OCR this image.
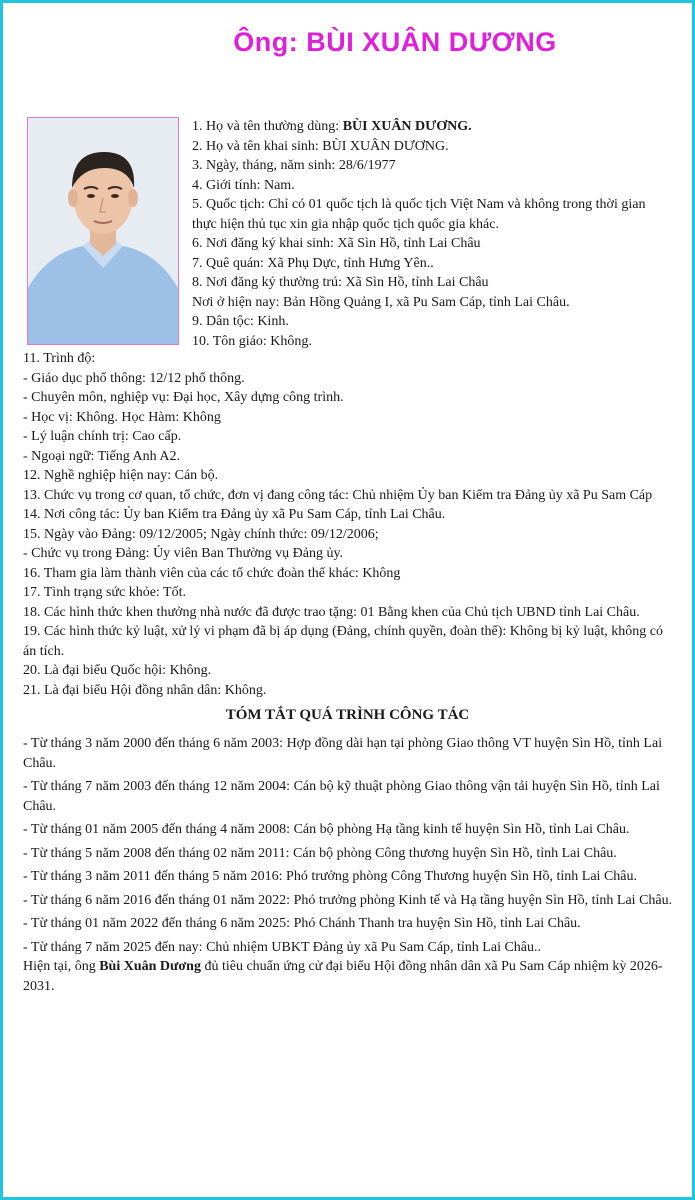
Ông: BÙI XUÂN DƯƠNG
1. Họ và tên thường dùng: BÙI XUÂN DƯƠNG.
2. Họ và tên khai sinh: BÙI XUÂN DƯƠNG.
3. Ngày, tháng, năm sinh: 28/6/1977
4. Giới tính: Nam.
5. Quốc tịch: Chỉ có 01 quốc tịch là quốc tịch Việt Nam và không trong thời gian
thực hiện thủ tục xin gia nhập quốc tịch quốc gia khác.
6. Nơi đăng ký khai sinh: Xã Sìn Hồ, tỉnh Lai Châu
7. Quê quán: Xã Phụ Dực, tỉnh Hưng Yên..
8. Nơi đăng ký thường trú: Xã Sìn Hồ, tỉnh Lai Châu
Nơi ở hiện nay: Bản Hồng Quảng I, xã Pu Sam Cáp, tỉnh Lai Châu.
9. Dân tộc: Kinh.
10. Tôn giáo: Không.
11. Trình độ:
- Giáo dục phổ thông: 12/12 phổ thông.
- Chuyên môn, nghiệp vụ: Đại học, Xây dựng công trình.
- Học vị: Không. Học Hàm: Không
- Lý luận chính trị: Cao cấp.
- Ngoại ngữ: Tiếng Anh A2.
12. Nghề nghiệp hiện nay: Cán bộ.
13. Chức vụ trong cơ quan, tổ chức, đơn vị đang công tác: Chủ nhiệm Ủy ban Kiểm tra Đảng ủy xã Pu Sam Cáp
14. Nơi công tác: Ủy ban Kiểm tra Đảng ủy xã Pu Sam Cáp, tỉnh Lai Châu.
15. Ngày vào Đảng: 09/12/2005; Ngày chính thức: 09/12/2006;
- Chức vụ trong Đảng: Ủy viên Ban Thường vụ Đảng ủy.
16. Tham gia làm thành viên của các tổ chức đoàn thể khác: Không
17. Tình trạng sức khỏe: Tốt.
18. Các hình thức khen thưởng nhà nước đã được trao tặng: 01 Bằng khen của Chủ tịch UBND tỉnh Lai Châu.
19. Các hình thức kỷ luật, xử lý vi phạm đã bị áp dụng (Đảng, chính quyền, đoàn thể): Không bị kỷ luật, không có án tích.
20. Là đại biểu Quốc hội: Không.
21. Là đại biểu Hội đồng nhân dân: Không.
TÓM TẮT QUÁ TRÌNH CÔNG TÁC
- Từ tháng 3 năm 2000 đến tháng 6 năm 2003: Hợp đồng dài hạn tại phòng Giao thông VT huyện Sìn Hồ, tỉnh Lai Châu.
- Từ tháng 7 năm 2003 đến tháng 12 năm 2004: Cán bộ kỹ thuật phòng Giao thông vận tải huyện Sìn Hồ, tỉnh Lai Châu.
- Từ tháng 01 năm 2005 đến tháng 4 năm 2008: Cán bộ phòng Hạ tầng kinh tế huyện Sìn Hồ, tỉnh Lai Châu.
- Từ tháng 5 năm 2008 đến tháng 02 năm 2011: Cán bộ phòng Công thương huyện Sìn Hồ, tỉnh Lai Châu.
- Từ tháng 3 năm 2011 đến tháng 5 năm 2016: Phó trưởng phòng Công Thương huyện Sìn Hồ, tỉnh Lai Châu.
- Từ tháng 6 năm 2016 đến tháng 01 năm 2022: Phó trưởng phòng Kinh tế và Hạ tầng huyện Sìn Hồ, tỉnh Lai Châu.
- Từ tháng 01 năm 2022 đến tháng 6 năm 2025: Phó Chánh Thanh tra huyện Sìn Hồ, tỉnh Lai Châu.
- Từ tháng 7 năm 2025 đến nay: Chủ nhiệm UBKT Đảng ủy xã Pu Sam Cáp, tỉnh Lai Châu..
Hiện tại, ông Bùi Xuân Dương đủ tiêu chuẩn ứng cử đại biểu Hội đồng nhân dân xã Pu Sam Cáp nhiệm kỳ 2026-2031.
